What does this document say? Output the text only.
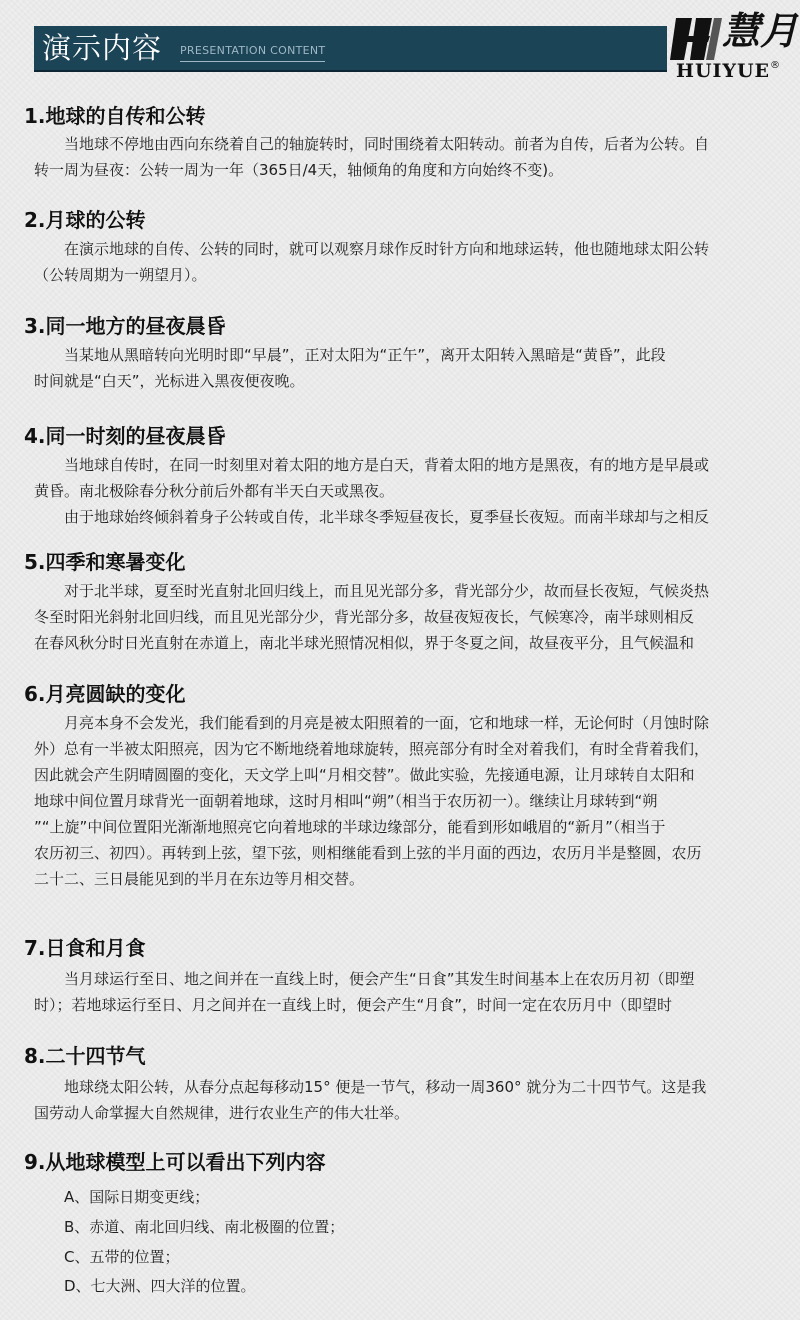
演示内容 PRESENTATION CONTENT	慧月
HUIYUE ®
1.地球的自传和公转
当地球不停地由西向东绕着自己的轴旋转时，同时围绕着太阳转动。前者为自传，后者为公转。自
转一周为昼夜：公转一周为一年（365日/4天，轴倾角的角度和方向始终不变)。
2.月球的公转
在演示地球的自传、公转的同时，就可以观察月球作反时针方向和地球运转，他也随地球太阳公转
（公转周期为一朔望月）。
3.同一地方的昼夜晨昏
当某地从黑暗转向光明时即“早晨”，正对太阳为“正午”，离开太阳转入黑暗是“黄昏”，此段
时间就是“白天”，光标进入黑夜便夜晚。
4.同一时刻的昼夜晨昏
当地球自传时，在同一时刻里对着太阳的地方是白天，背着太阳的地方是黑夜，有的地方是早晨或
黄昏。南北极除春分秋分前后外都有半天白天或黑夜。
由于地球始终倾斜着身子公转或自传，北半球冬季短昼夜长，夏季昼长夜短。而南半球却与之相反
5.四季和寒暑变化
对于北半球，夏至时光直射北回归线上，而且见光部分多，背光部分少，故而昼长夜短，气候炎热
冬至时阳光斜射北回归线，而且见光部分少，背光部分多，故昼夜短夜长，气候寒冷，南半球则相反
在春风秋分时日光直射在赤道上，南北半球光照情况相似，界于冬夏之间，故昼夜平分，且气候温和
6.月亮圆缺的变化
月亮本身不会发光，我们能看到的月亮是被太阳照着的一面，它和地球一样，无论何时（月蚀时除
外）总有一半被太阳照亮，因为它不断地绕着地球旋转，照亮部分有时全对着我们，有时全背着我们，
因此就会产生阴晴圆圈的变化，天文学上叫“月相交替”。做此实验，先接通电源，让月球转自太阳和
地球中间位置月球背光一面朝着地球，这时月相叫“朔”（相当于农历初一）。继续让月球转到“朔
”“上旋”中间位置阳光渐渐地照亮它向着地球的半球边缘部分，能看到形如峨眉的“新月”（相当于
农历初三、初四）。再转到上弦，望下弦，则相继能看到上弦的半月面的西边，农历月半是整圆，农历
二十二、三日晨能见到的半月在东边等月相交替。
7.日食和月食
当月球运行至日、地之间并在一直线上时，便会产生“日食”其发生时间基本上在农历月初（即塑
时）；若地球运行至日、月之间并在一直线上时，便会产生“月食”，时间一定在农历月中（即望时
8.二十四节气
地球绕太阳公转，从春分点起每移动15° 便是一节气，移动一周360° 就分为二十四节气。这是我
国劳动人命掌握大自然规律，进行农业生产的伟大壮举。
9.从地球模型上可以看出下列内容
A、国际日期变更线；
B、赤道、南北回归线、南北极圈的位置；
C、五带的位置；
D、七大洲、四大洋的位置。
